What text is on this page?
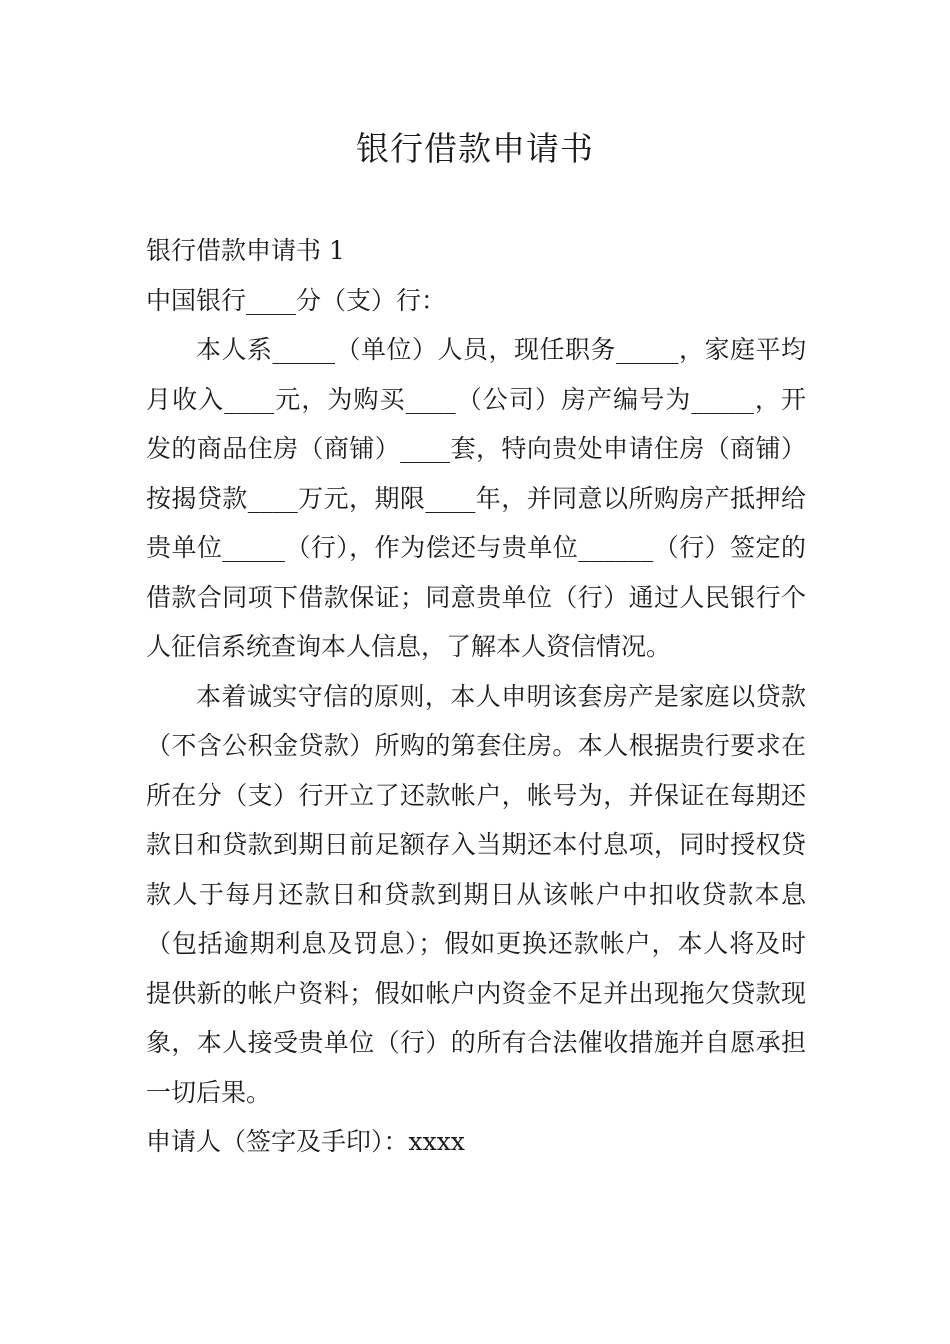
银行借款申请书

银行借款申请书 1

中国银行____分（支）行：

本人系_____（单位）人员，现任职务_____，家庭平均月收入____元，为购买____（公司）房产编号为_____，开发的商品住房（商铺）____套，特向贵处申请住房（商铺）按揭贷款____万元，期限____年，并同意以所购房产抵押给贵单位_____（行），作为偿还与贵单位______（行）签定的借款合同项下借款保证；同意贵单位（行）通过人民银行个人征信系统查询本人信息，了解本人资信情况。

本着诚实守信的原则，本人申明该套房产是家庭以贷款（不含公积金贷款）所购的第套住房。本人根据贵行要求在所在分（支）行开立了还款帐户，帐号为，并保证在每期还款日和贷款到期日前足额存入当期还本付息项，同时授权贷款人于每月还款日和贷款到期日从该帐户中扣收贷款本息（包括逾期利息及罚息）；假如更换还款帐户，本人将及时提供新的帐户资料；假如帐户内资金不足并出现拖欠贷款现象，本人接受贵单位（行）的所有合法催收措施并自愿承担一切后果。

申请人（签字及手印）：xxxx
